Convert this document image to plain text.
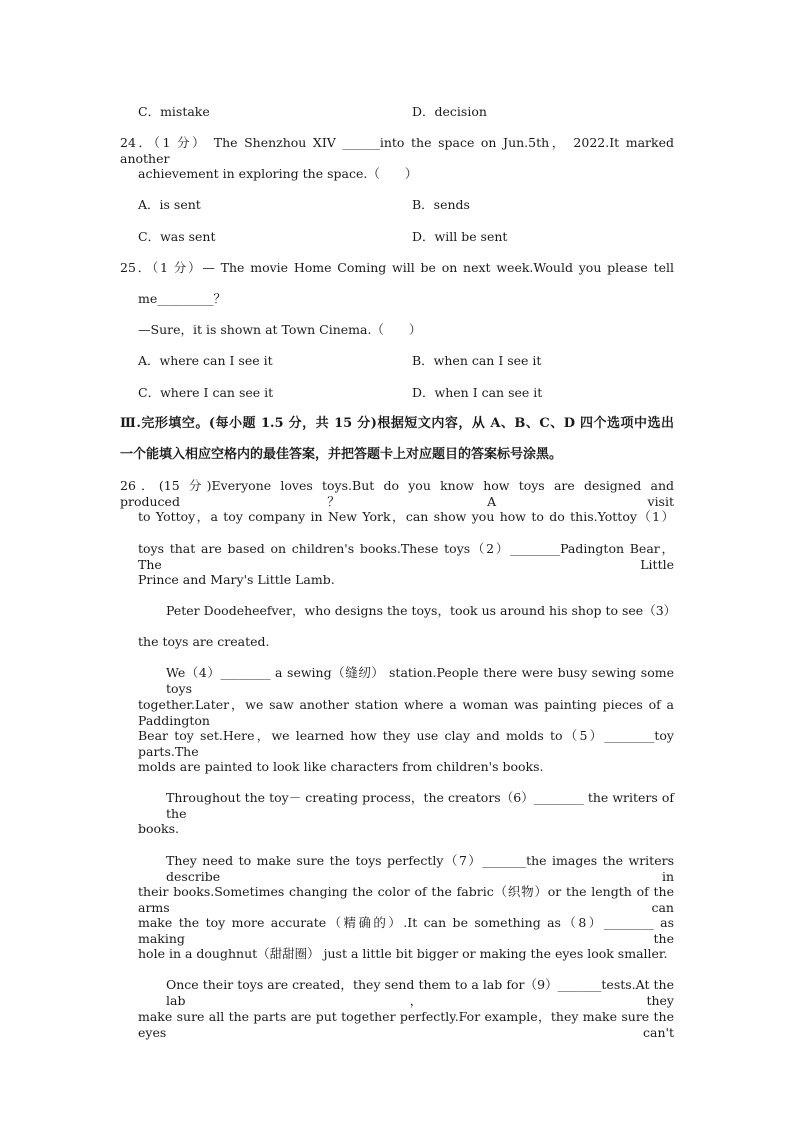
C．mistake	D．decision
24．（1 分） The Shenzhou XIV ______into the space on Jun.5th， 2022.It marked another
achievement in exploring the space.（　　）
A．is sent	B．sends
C．was sent	D．will be sent
25．（1 分）— The movie Home Coming will be on next week.Would you please tell
me_________？
—Sure，it is shown at Town Cinema.（　　）
A．where can I see it	B．when can I see it
C．where I can see it	D．when I can see it
Ⅲ.完形填空。(每小题 1.5 分，共 15 分)根据短文内容，从 A、B、C、D 四个选项中选出
一个能填入相应空格内的最佳答案，并把答题卡上对应题目的答案标号涂黑。
26．(15 分)Everyone loves toys.But do you know how toys are designed and produced？A visit
to Yottoy，a toy company in New York，can show you how to do this.Yottoy（1）
toys that are based on children's books.These toys（2）________Padington Bear，The Little
Prince and Mary's Little Lamb.
Peter Doodeheefver，who designs the toys，took us around his shop to see（3）
the toys are created.
We（4）________ a sewing（缝纫） station.People there were busy sewing some toys
together.Later，we saw another station where a woman was painting pieces of a Paddington
Bear toy set.Here，we learned how they use clay and molds to（5）________toy parts.The
molds are painted to look like characters from children's books.
Throughout the toy－ creating process，the creators（6）________ the writers of the
books.
They need to make sure the toys perfectly（7）_______the images the writers describe in
their books.Sometimes changing the color of the fabric（织物）or the length of the arms can
make the toy more accurate（精确的）.It can be something as（8）________ as making the
hole in a doughnut（甜甜圈） just a little bit bigger or making the eyes look smaller.
Once their toys are created，they send them to a lab for（9）_______tests.At the lab，they
make sure all the parts are put together perfectly.For example，they make sure the eyes can't
